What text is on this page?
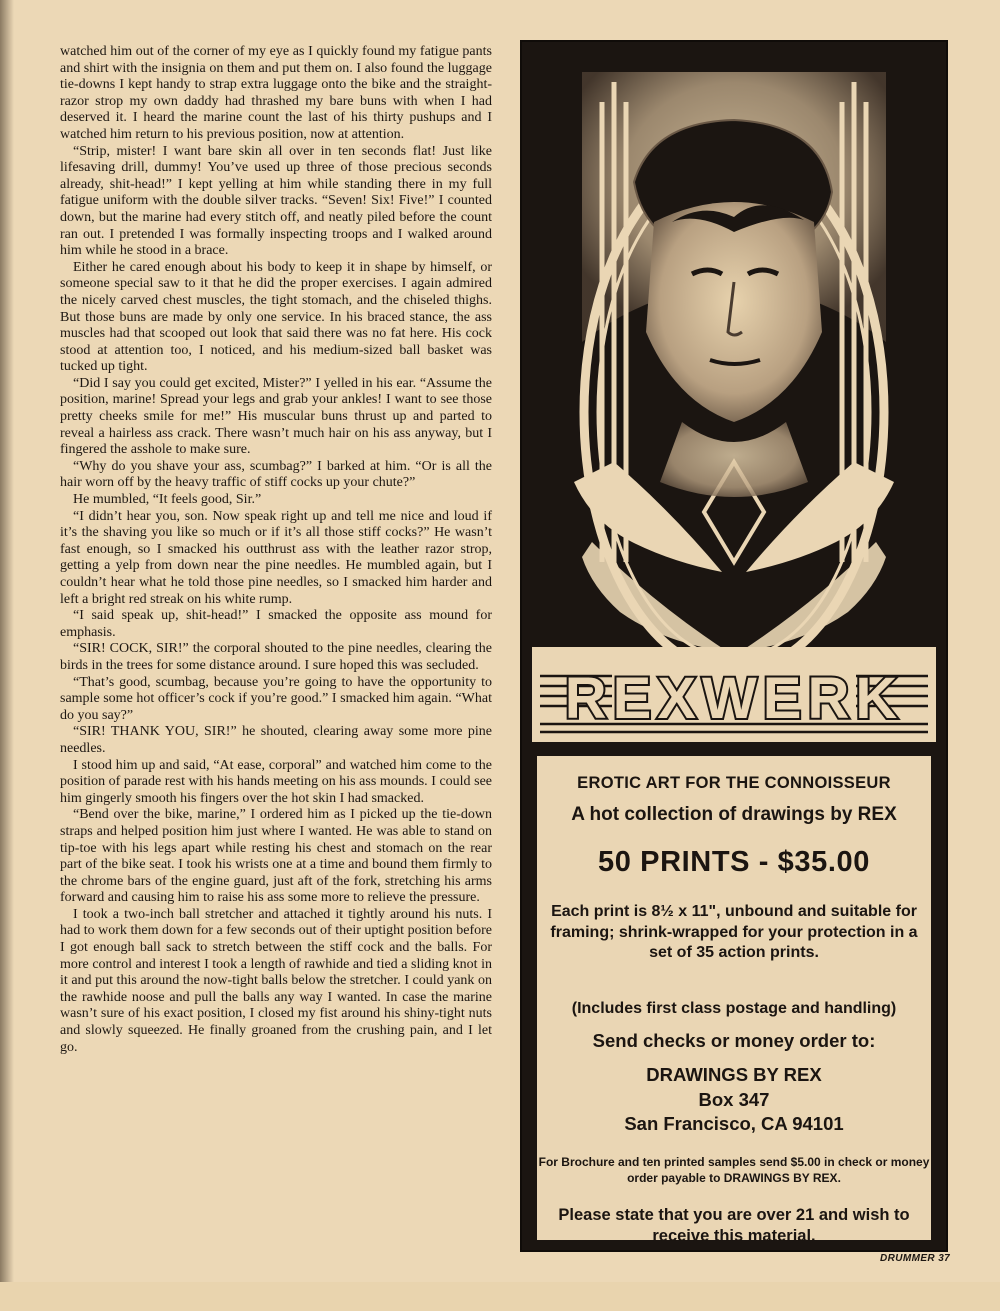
watched him out of the corner of my eye as I quickly found my fatigue pants and shirt with the insignia on them and put them on. I also found the luggage tie-downs I kept handy to strap extra luggage onto the bike and the straight-razor strop my own daddy had thrashed my bare buns with when I had deserved it. I heard the marine count the last of his thirty pushups and I watched him return to his previous position, now at attention.

“Strip, mister! I want bare skin all over in ten seconds flat! Just like lifesaving drill, dummy! You’ve used up three of those precious seconds already, shit-head!” I kept yelling at him while standing there in my full fatigue uniform with the double silver tracks. “Seven! Six! Five!” I counted down, but the marine had every stitch off, and neatly piled before the count ran out. I pretended I was formally inspecting troops and I walked around him while he stood in a brace.

Either he cared enough about his body to keep it in shape by himself, or someone special saw to it that he did the proper exercises. I again admired the nicely carved chest muscles, the tight stomach, and the chiseled thighs. But those buns are made by only one service. In his braced stance, the ass muscles had that scooped out look that said there was no fat here. His cock stood at attention too, I noticed, and his medium-sized ball basket was tucked up tight.

“Did I say you could get excited, Mister?” I yelled in his ear. “Assume the position, marine! Spread your legs and grab your ankles! I want to see those pretty cheeks smile for me!” His muscular buns thrust up and parted to reveal a hairless ass crack. There wasn’t much hair on his ass anyway, but I fingered the asshole to make sure.

“Why do you shave your ass, scumbag?” I barked at him. “Or is all the hair worn off by the heavy traffic of stiff cocks up your chute?”

He mumbled, “It feels good, Sir.”

“I didn’t hear you, son. Now speak right up and tell me nice and loud if it’s the shaving you like so much or if it’s all those stiff cocks?” He wasn’t fast enough, so I smacked his outthrust ass with the leather razor strop, getting a yelp from down near the pine needles. He mumbled again, but I couldn’t hear what he told those pine needles, so I smacked him harder and left a bright red streak on his white rump.

“I said speak up, shit-head!” I smacked the opposite ass mound for emphasis.

“SIR! COCK, SIR!” the corporal shouted to the pine needles, clearing the birds in the trees for some distance around. I sure hoped this was secluded.

“That’s good, scumbag, because you’re going to have the opportunity to sample some hot officer’s cock if you’re good.” I smacked him again. “What do you say?”

“SIR! THANK YOU, SIR!” he shouted, clearing away some more pine needles.

I stood him up and said, “At ease, corporal” and watched him come to the position of parade rest with his hands meeting on his ass mounds. I could see him gingerly smooth his fingers over the hot skin I had smacked.

“Bend over the bike, marine,” I ordered him as I picked up the tie-down straps and helped position him just where I wanted. He was able to stand on tip-toe with his legs apart while resting his chest and stomach on the rear part of the bike seat. I took his wrists one at a time and bound them firmly to the chrome bars of the engine guard, just aft of the fork, stretching his arms forward and causing him to raise his ass some more to relieve the pressure.

I took a two-inch ball stretcher and attached it tightly around his nuts. I had to work them down for a few seconds out of their uptight position before I got enough ball sack to stretch between the stiff cock and the balls. For more control and interest I took a length of rawhide and tied a sliding knot in it and put this around the now-tight balls below the stretcher. I could yank on the rawhide noose and pull the balls any way I wanted. In case the marine wasn’t sure of his exact position, I closed my fist around his shiny-tight nuts and slowly squeezed. He finally groaned from the crushing pain, and I let go.

REXWERK
EROTIC ART FOR THE CONNOISSEUR
A hot collection of drawings by REX
50 PRINTS - $35.00
Each print is 8½ x 11", unbound and suitable for framing; shrink-wrapped for your protection in a set of 35 action prints.
(Includes first class postage and handling)
Send checks or money order to:
DRAWINGS BY REX
Box 347
San Francisco, CA 94101
For Brochure and ten printed samples send $5.00 in check or money order payable to DRAWINGS BY REX.
Please state that you are over 21 and wish to receive this material.
DRUMMER 37
